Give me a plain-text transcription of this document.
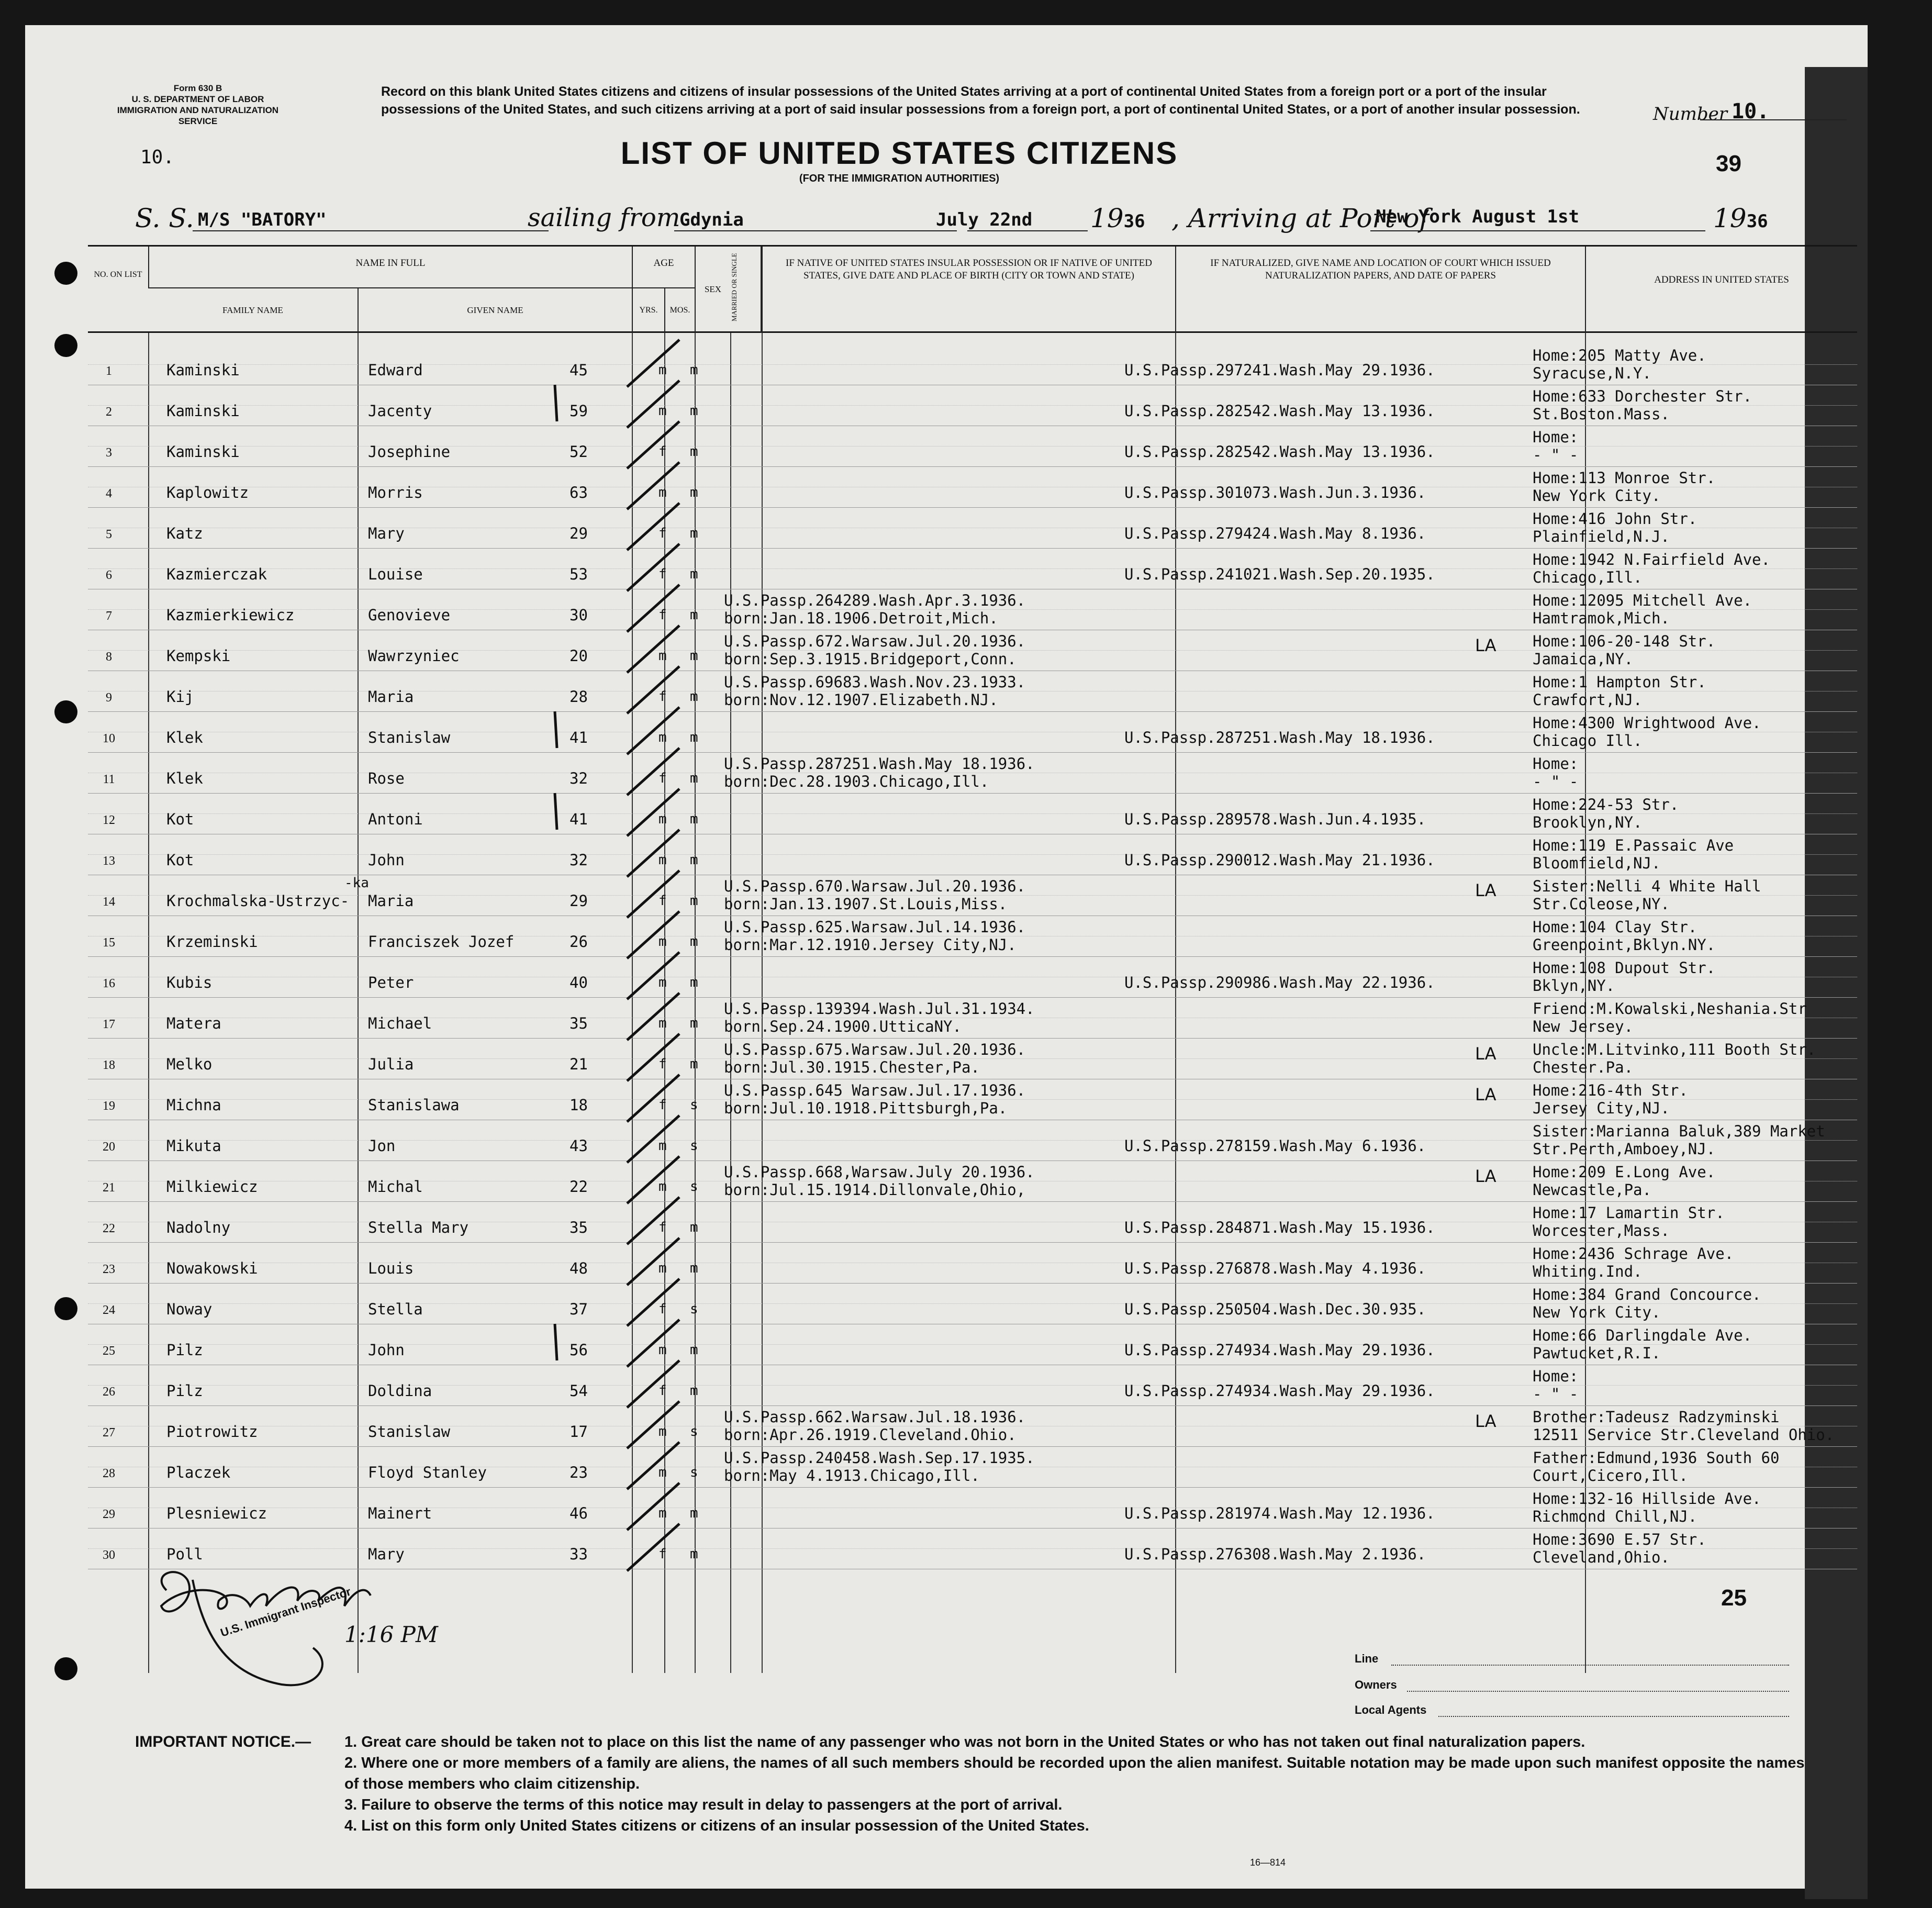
Form 630 B
U. S. DEPARTMENT OF LABOR
IMMIGRATION AND NATURALIZATION SERVICE
Record on this blank United States citizens and citizens of insular possessions of the United States arriving at a port of continental United States from a foreign port or a port of the insular possessions of the United States, and such citizens arriving at a port of said insular possessions from a foreign port, a port of continental United States, or a port of another insular possession.	Number 10.
10.	LIST OF UNITED STATES CITIZENS
(FOR THE IMMIGRATION AUTHORITIES)
39
S. S. M/S "BATORY"	sailing from
Gdynia	July 22nd 1936 , Arriving at Port of
New York August 1st	1936
NO. ON LIST
NAME IN FULL
FAMILY NAME	GIVEN NAME
AGE
YRS.	MOS.
SEX	MARRIED OR SINGLE	IF NATIVE OF UNITED STATES INSULAR POSSESSION OR IF NATIVE OF UNITED STATES, GIVE DATE AND PLACE OF BIRTH (CITY OR TOWN AND STATE)
IF NATURALIZED, GIVE NAME AND LOCATION OF COURT WHICH ISSUED NATURALIZATION PAPERS, AND DATE OF PAPERS	ADDRESS IN UNITED STATES
1	Kaminski	Edward	45	m m	U.S.Passp.297241.Wash.May 29.1936.
Home:205 Matty Ave.
Syracuse,N.Y.
2	Kaminski	Jacenty	59	m m	U.S.Passp.282542.Wash.May 13.1936.
Home:633 Dorchester Str.
St.Boston.Mass.
3	Kaminski	Josephine	52	f m	U.S.Passp.282542.Wash.May 13.1936.
Home:
- " -
4	Kaplowitz	Morris	63	m m	U.S.Passp.301073.Wash.Jun.3.1936.
Home:113 Monroe Str.
New York City.
5	Katz	Mary	29	f m	U.S.Passp.279424.Wash.May 8.1936.
Home:416 John Str.
Plainfield,N.J.
6	Kazmierczak	Louise	53	f m	U.S.Passp.241021.Wash.Sep.20.1935.
Home:1942 N.Fairfield Ave.
Chicago,Ill.
7	Kazmierkiewicz	Genovieve	30	f m
U.S.Passp.264289.Wash.Apr.3.1936.
born:Jan.18.1906.Detroit,Mich.
Home:12095 Mitchell Ave.
Hamtramok,Mich.
8	Kempski	Wawrzyniec	20	m m
U.S.Passp.672.Warsaw.Jul.20.1936.
born:Sep.3.1915.Bridgeport,Conn.
Home:106-20-148 Str.
Jamaica,NY.
LA
9	Kij	Maria	28	f m
U.S.Passp.69683.Wash.Nov.23.1933.
born:Nov.12.1907.Elizabeth.NJ.
Home:1 Hampton Str.
Crawfort,NJ.
10	Klek	Stanislaw	41	m m	U.S.Passp.287251.Wash.May 18.1936.
Home:4300 Wrightwood Ave.
Chicago Ill.
11	Klek	Rose	32	f m
U.S.Passp.287251.Wash.May 18.1936.
born:Dec.28.1903.Chicago,Ill.
Home:
- " -
12	Kot	Antoni	41	m m	U.S.Passp.289578.Wash.Jun.4.1935.
Home:224-53 Str.
Brooklyn,NY.
13	Kot	John	32	m m	U.S.Passp.290012.Wash.May 21.1936.
Home:119 E.Passaic Ave
Bloomfield,NJ.
14	Krochmalska-Ustrzyc- Maria	29	f m
U.S.Passp.670.Warsaw.Jul.20.1936.
born:Jan.13.1907.St.Louis,Miss.
Sister:Nelli 4 White Hall
Str.Coleose,NY.
-ka	LA
15	Krzeminski	Franciszek Jozef	26	m m
U.S.Passp.625.Warsaw.Jul.14.1936.
born:Mar.12.1910.Jersey City,NJ.
Home:104 Clay Str.
Greenpoint,Bklyn.NY.
16	Kubis	Peter	40	m m	U.S.Passp.290986.Wash.May 22.1936.
Home:108 Dupout Str.
Bklyn,NY.
17	Matera	Michael	35	m m
U.S.Passp.139394.Wash.Jul.31.1934.
born.Sep.24.1900.UtticaNY.
Friend:M.Kowalski,Neshania.Str
New Jersey.
18	Melko	Julia	21	f m
U.S.Passp.675.Warsaw.Jul.20.1936.
born:Jul.30.1915.Chester,Pa.
Uncle:M.Litvinko,111 Booth Str.
Chester.Pa.
LA
19	Michna	Stanislawa	18	f s
U.S.Passp.645 Warsaw.Jul.17.1936.
born:Jul.10.1918.Pittsburgh,Pa.
Home:216-4th Str.
Jersey City,NJ.
LA
20	Mikuta	Jon	43	m s	U.S.Passp.278159.Wash.May 6.1936.
Sister:Marianna Baluk,389 Market
Str.Perth,Amboey,NJ.
21	Milkiewicz	Michal	22	m s
U.S.Passp.668,Warsaw.July 20.1936.
born:Jul.15.1914.Dillonvale,Ohio,
Home:209 E.Long Ave.
Newcastle,Pa.
LA
22	Nadolny	Stella Mary	35	f m	U.S.Passp.284871.Wash.May 15.1936.
Home:17 Lamartin Str.
Worcester,Mass.
23	Nowakowski	Louis	48	m m	U.S.Passp.276878.Wash.May 4.1936.
Home:2436 Schrage Ave.
Whiting.Ind.
24	Noway	Stella	37	f s	U.S.Passp.250504.Wash.Dec.30.935.
Home:384 Grand Concource.
New York City.
25	Pilz	John	56	m m	U.S.Passp.274934.Wash.May 29.1936.
Home:66 Darlingdale Ave.
Pawtucket,R.I.
26	Pilz	Doldina	54	f m	U.S.Passp.274934.Wash.May 29.1936.
Home:
- " -
27	Piotrowitz	Stanislaw	17	m s
U.S.Passp.662.Warsaw.Jul.18.1936.
born:Apr.26.1919.Cleveland.Ohio.
Brother:Tadeusz Radzyminski
12511 Service Str.Cleveland Ohio.
LA
28	Placzek	Floyd Stanley	23	m s
U.S.Passp.240458.Wash.Sep.17.1935.
born:May 4.1913.Chicago,Ill.
Father:Edmund,1936 South 60
Court,Cicero,Ill.
29	Plesniewicz	Mainert	46	m m	U.S.Passp.281974.Wash.May 12.1936.
Home:132-16 Hillside Ave.
Richmond Chill,NJ.
30	Poll	Mary	33	f m	U.S.Passp.276308.Wash.May 2.1936.
Home:3690 E.57 Str.
Cleveland,Ohio.
U.S. Immigrant Inspector
1:16 PM
25
Line
Owners
Local Agents
IMPORTANT NOTICE.— 1. Great care should be taken not to place on this list the name of any passenger who was not born in the United States or who has not taken out final naturalization papers.
2. Where one or more members of a family are aliens, the names of all such members should be recorded upon the alien manifest. Suitable notation may be made upon such manifest opposite the names of those members who claim citizenship.
3. Failure to observe the terms of this notice may result in delay to passengers at the port of arrival.
4. List on this form only United States citizens or citizens of an insular possession of the United States.
16—814
